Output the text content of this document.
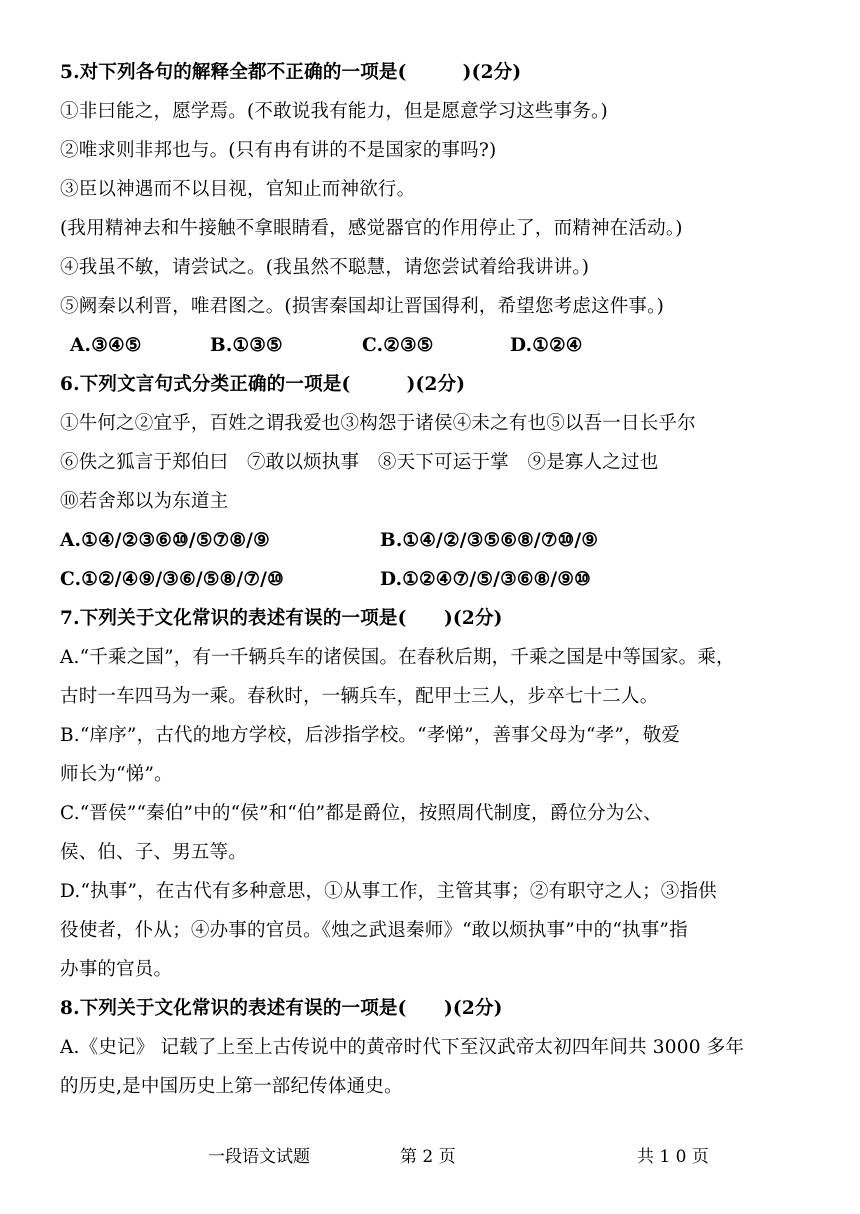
5.对下列各句的解释全都不正确的一项是(　　　)(2分)
①非曰能之，愿学焉。(不敢说我有能力，但是愿意学习这些事务。)
②唯求则非邦也与。(只有冉有讲的不是国家的事吗?)
③臣以神遇而不以目视，官知止而神欲行。
(我用精神去和牛接触不拿眼睛看，感觉器官的作用停止了，而精神在活动。)
④我虽不敏，请尝试之。(我虽然不聪慧，请您尝试着给我讲讲。)
⑤阙秦以利晋，唯君图之。(损害秦国却让晋国得利，希望您考虑这件事。)
A.③④⑤	B.①③⑤	C.②③⑤	D.①②④
6.下列文言句式分类正确的一项是(　　　)(2分)
①牛何之②宜乎，百姓之谓我爱也③构怨于诸侯④未之有也⑤以吾一日长乎尔
⑥佚之狐言于郑伯曰　⑦敢以烦执事　⑧天下可运于掌　⑨是寡人之过也
⑩若舍郑以为东道主
A.①④/②③⑥⑩/⑤⑦⑧/⑨	B.①④/②/③⑤⑥⑧/⑦⑩/⑨
C.①②/④⑨/③⑥/⑤⑧/⑦/⑩	D.①②④⑦/⑤/③⑥⑧/⑨⑩
7.下列关于文化常识的表述有误的一项是(　　)(2分)
A.“千乘之国”，有一千辆兵车的诸侯国。在春秋后期，千乘之国是中等国家。乘，
古时一车四马为一乘。春秋时，一辆兵车，配甲士三人，步卒七十二人。
B.“庠序”，古代的地方学校，后涉指学校。“孝悌”，善事父母为“孝”，敬爱
师长为“悌”。
C.“晋侯”“秦伯”中的“侯”和“伯”都是爵位，按照周代制度，爵位分为公、
侯、伯、子、男五等。
D.“执事”，在古代有多种意思，①从事工作，主管其事；②有职守之人；③指供
役使者，仆从；④办事的官员。《烛之武退秦师》“敢以烦执事”中的“执事”指
办事的官员。
8.下列关于文化常识的表述有误的一项是(　　)(2分)
A.《史记》 记载了上至上古传说中的黄帝时代下至汉武帝太初四年间共 3000 多年
的历史,是中国历史上第一部纪传体通史。
一段语文试题	第 2 页	共 1 0 页
